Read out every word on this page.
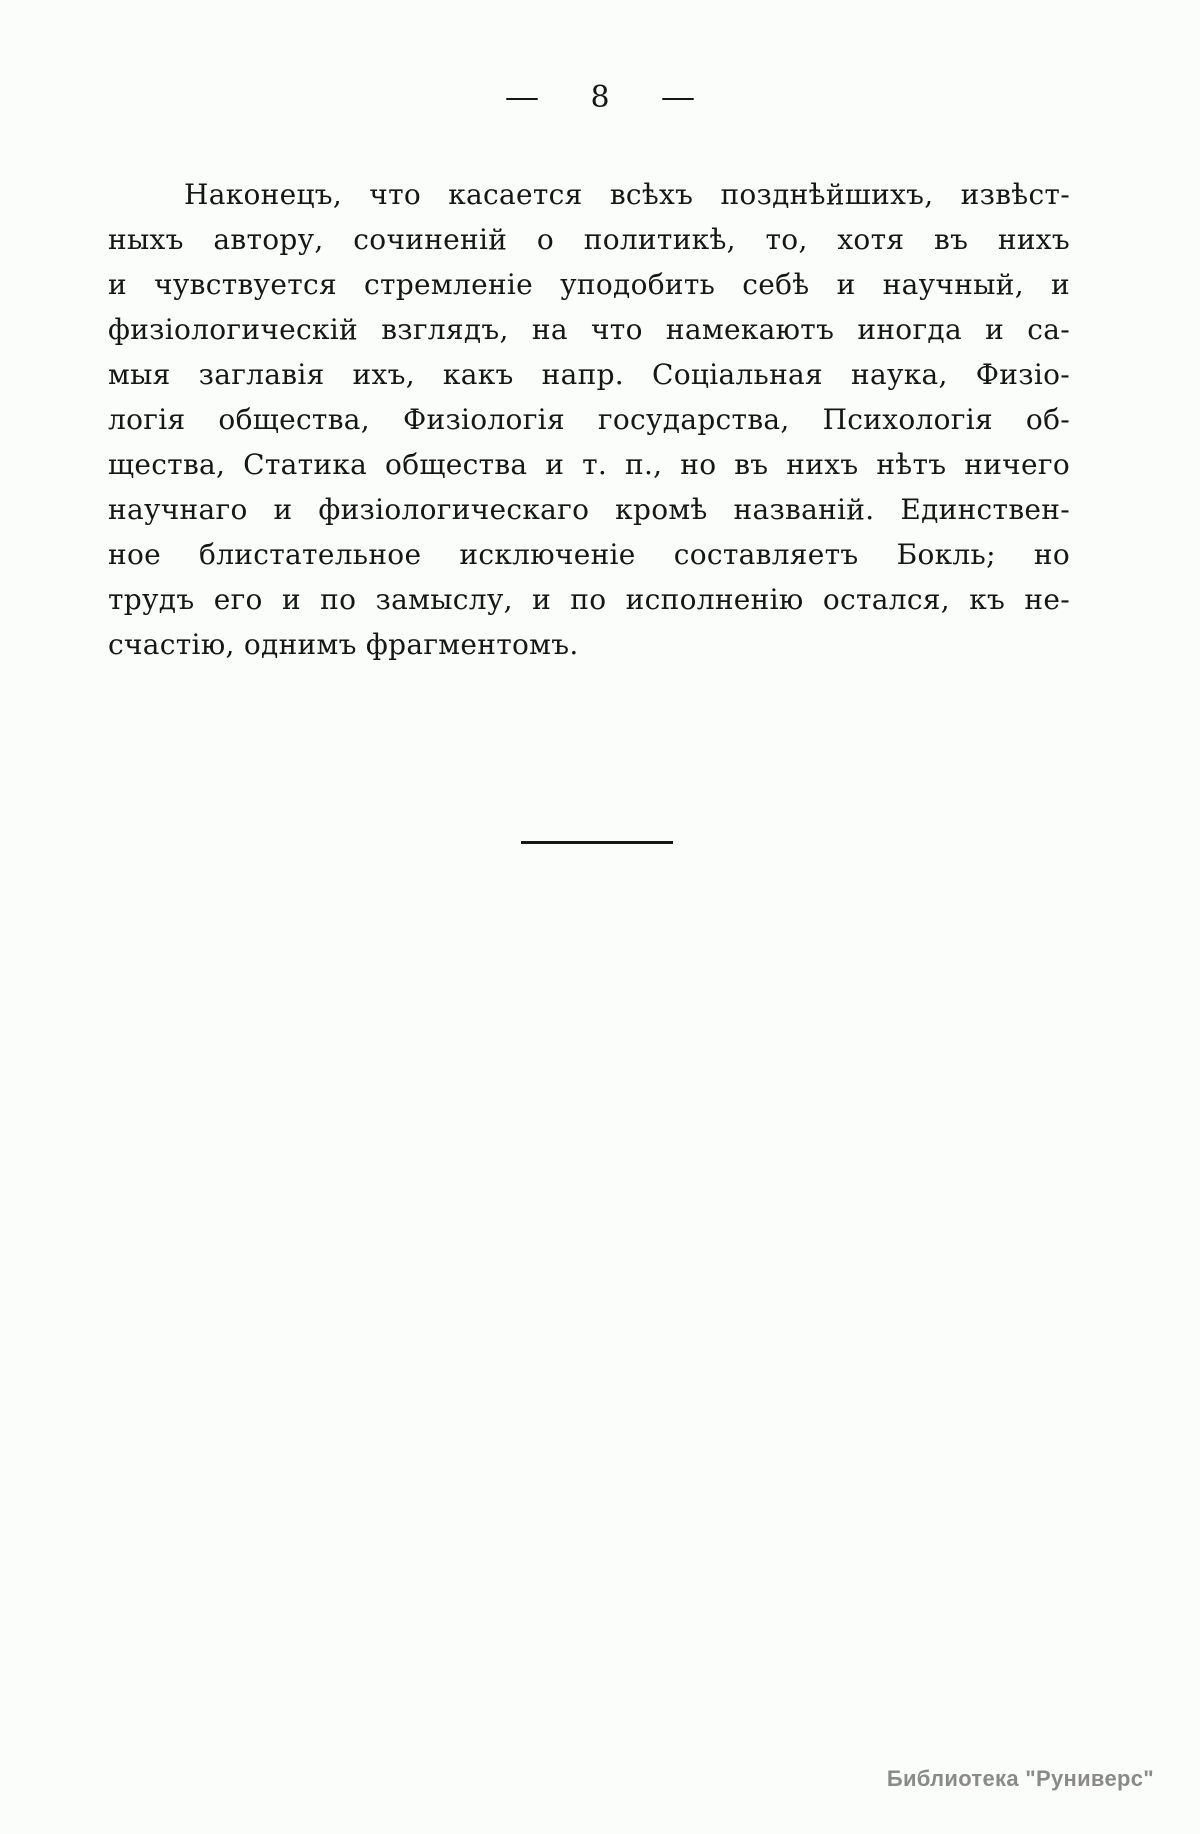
— 8 —
Наконецъ, что касается всѣхъ позднѣйшихъ, извѣст-
ныхъ автору, сочиненій о политикѣ, то, хотя въ нихъ
и чувствуется стремленіе уподобить себѣ и научный, и
физіологическій взглядъ, на что намекаютъ иногда и са-
мыя заглавія ихъ, какъ напр. Соціальная наука, Физіо-
логія общества, Физіологія государства, Психологія об-
щества, Статика общества и т. п., но въ нихъ нѣтъ ничего
научнаго и физіологическаго кромѣ названій. Единствен-
ное блистательное исключеніе составляетъ Бокль; но
трудъ его и по замыслу, и по исполненію остался, къ не-
счастію, однимъ фрагментомъ.
Библиотека "Руниверс"
